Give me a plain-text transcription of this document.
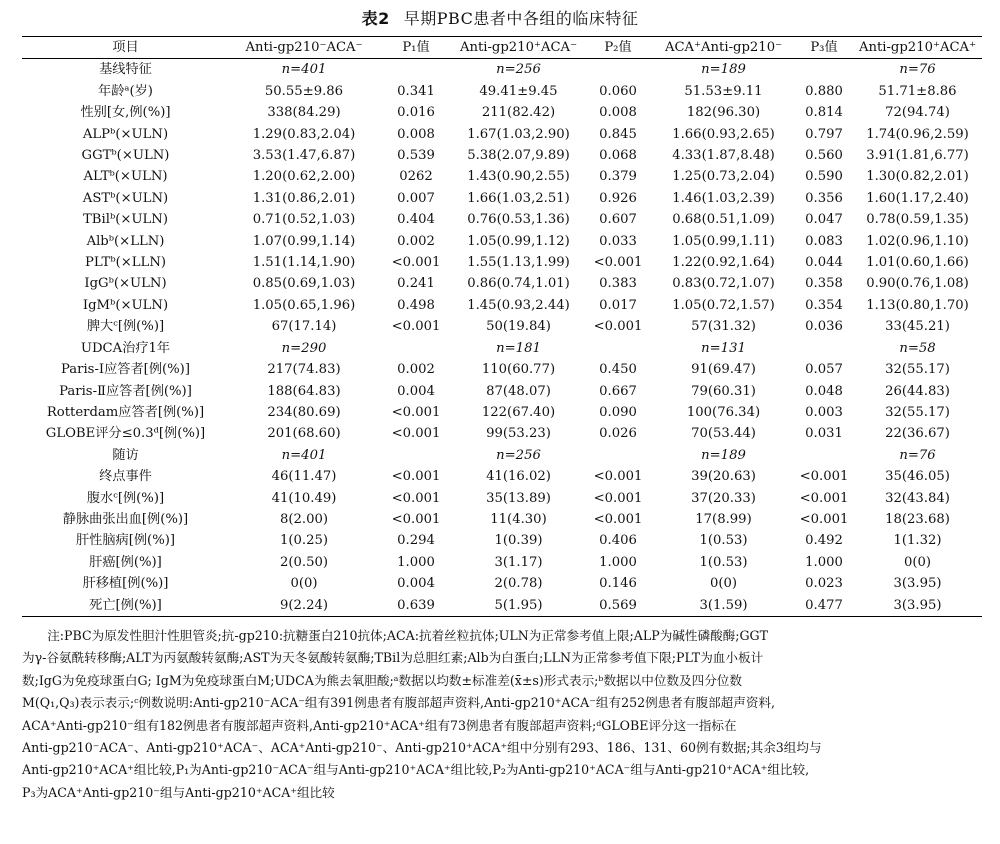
表2 早期PBC患者中各组的临床特征
项目	Anti-gp210⁻ACA⁻	P₁值	Anti-gp210⁺ACA⁻	P₂值	ACA⁺Anti-gp210⁻	P₃值	Anti-gp210⁺ACA⁺
基线特征	n=401		n=256		n=189		n=76
年龄ᵃ(岁)	50.55±9.86	0.341	49.41±9.45	0.060	51.53±9.11	0.880	51.71±8.86
性别[女,例(%)]	338(84.29)	0.016	211(82.42)	0.008	182(96.30)	0.814	72(94.74)
ALPᵇ(×ULN)	1.29(0.83,2.04)	0.008	1.67(1.03,2.90)	0.845	1.66(0.93,2.65)	0.797	1.74(0.96,2.59)
GGTᵇ(×ULN)	3.53(1.47,6.87)	0.539	5.38(2.07,9.89)	0.068	4.33(1.87,8.48)	0.560	3.91(1.81,6.77)
ALTᵇ(×ULN)	1.20(0.62,2.00)	0262	1.43(0.90,2.55)	0.379	1.25(0.73,2.04)	0.590	1.30(0.82,2.01)
ASTᵇ(×ULN)	1.31(0.86,2.01)	0.007	1.66(1.03,2.51)	0.926	1.46(1.03,2.39)	0.356	1.60(1.17,2.40)
TBilᵇ(×ULN)	0.71(0.52,1.03)	0.404	0.76(0.53,1.36)	0.607	0.68(0.51,1.09)	0.047	0.78(0.59,1.35)
Albᵇ(×LLN)	1.07(0.99,1.14)	0.002	1.05(0.99,1.12)	0.033	1.05(0.99,1.11)	0.083	1.02(0.96,1.10)
PLTᵇ(×LLN)	1.51(1.14,1.90)	<0.001	1.55(1.13,1.99)	<0.001	1.22(0.92,1.64)	0.044	1.01(0.60,1.66)
IgGᵇ(×ULN)	0.85(0.69,1.03)	0.241	0.86(0.74,1.01)	0.383	0.83(0.72,1.07)	0.358	0.90(0.76,1.08)
IgMᵇ(×ULN)	1.05(0.65,1.96)	0.498	1.45(0.93,2.44)	0.017	1.05(0.72,1.57)	0.354	1.13(0.80,1.70)
脾大ᶜ[例(%)]	67(17.14)	<0.001	50(19.84)	<0.001	57(31.32)	0.036	33(45.21)
UDCA治疗1年	n=290		n=181		n=131		n=58
Paris-Ⅰ应答者[例(%)]	217(74.83)	0.002	110(60.77)	0.450	91(69.47)	0.057	32(55.17)
Paris-Ⅱ应答者[例(%)]	188(64.83)	0.004	87(48.07)	0.667	79(60.31)	0.048	26(44.83)
Rotterdam应答者[例(%)]	234(80.69)	<0.001	122(67.40)	0.090	100(76.34)	0.003	32(55.17)
GLOBE评分≤0.3ᵈ[例(%)]	201(68.60)	<0.001	99(53.23)	0.026	70(53.44)	0.031	22(36.67)
随访	n=401		n=256		n=189		n=76
终点事件	46(11.47)	<0.001	41(16.02)	<0.001	39(20.63)	<0.001	35(46.05)
腹水ᶜ[例(%)]	41(10.49)	<0.001	35(13.89)	<0.001	37(20.33)	<0.001	32(43.84)
静脉曲张出血[例(%)]	8(2.00)	<0.001	11(4.30)	<0.001	17(8.99)	<0.001	18(23.68)
肝性脑病[例(%)]	1(0.25)	0.294	1(0.39)	0.406	1(0.53)	0.492	1(1.32)
肝癌[例(%)]	2(0.50)	1.000	3(1.17)	1.000	1(0.53)	1.000	0(0)
肝移植[例(%)]	0(0)	0.004	2(0.78)	0.146	0(0)	0.023	3(3.95)
死亡[例(%)]	9(2.24)	0.639	5(1.95)	0.569	3(1.59)	0.477	3(3.95)

注:PBC为原发性胆汁性胆管炎;抗-gp210:抗糖蛋白210抗体;ACA:抗着丝粒抗体;ULN为正常参考值上限;ALP为碱性磷酸酶;GGT

为γ-谷氨酰转移酶;ALT为丙氨酸转氨酶;AST为天冬氨酸转氨酶;TBil为总胆红素;Alb为白蛋白;LLN为正常参考值下限;PLT为血小板计

数;IgG为免疫球蛋白G; IgM为免疫球蛋白M;UDCA为熊去氧胆酸;ᵃ数据以均数±标准差(x̄±s)形式表示;ᵇ数据以中位数及四分位数

M(Q₁,Q₃)表示表示;ᶜ例数说明:Anti-gp210⁻ACA⁻组有391例患者有腹部超声资料,Anti-gp210⁺ACA⁻组有252例患者有腹部超声资料,

ACA⁺Anti-gp210⁻组有182例患者有腹部超声资料,Anti-gp210⁺ACA⁺组有73例患者有腹部超声资料;ᵈGLOBE评分这一指标在

Anti-gp210⁻ACA⁻、Anti-gp210⁺ACA⁻、ACA⁺Anti-gp210⁻、Anti-gp210⁺ACA⁺组中分别有293、186、131、60例有数据;其余3组均与

Anti-gp210⁺ACA⁺组比较,P₁为Anti-gp210⁻ACA⁻组与Anti-gp210⁺ACA⁺组比较,P₂为Anti-gp210⁺ACA⁻组与Anti-gp210⁺ACA⁺组比较,

P₃为ACA⁺Anti-gp210⁻组与Anti-gp210⁺ACA⁺组比较
